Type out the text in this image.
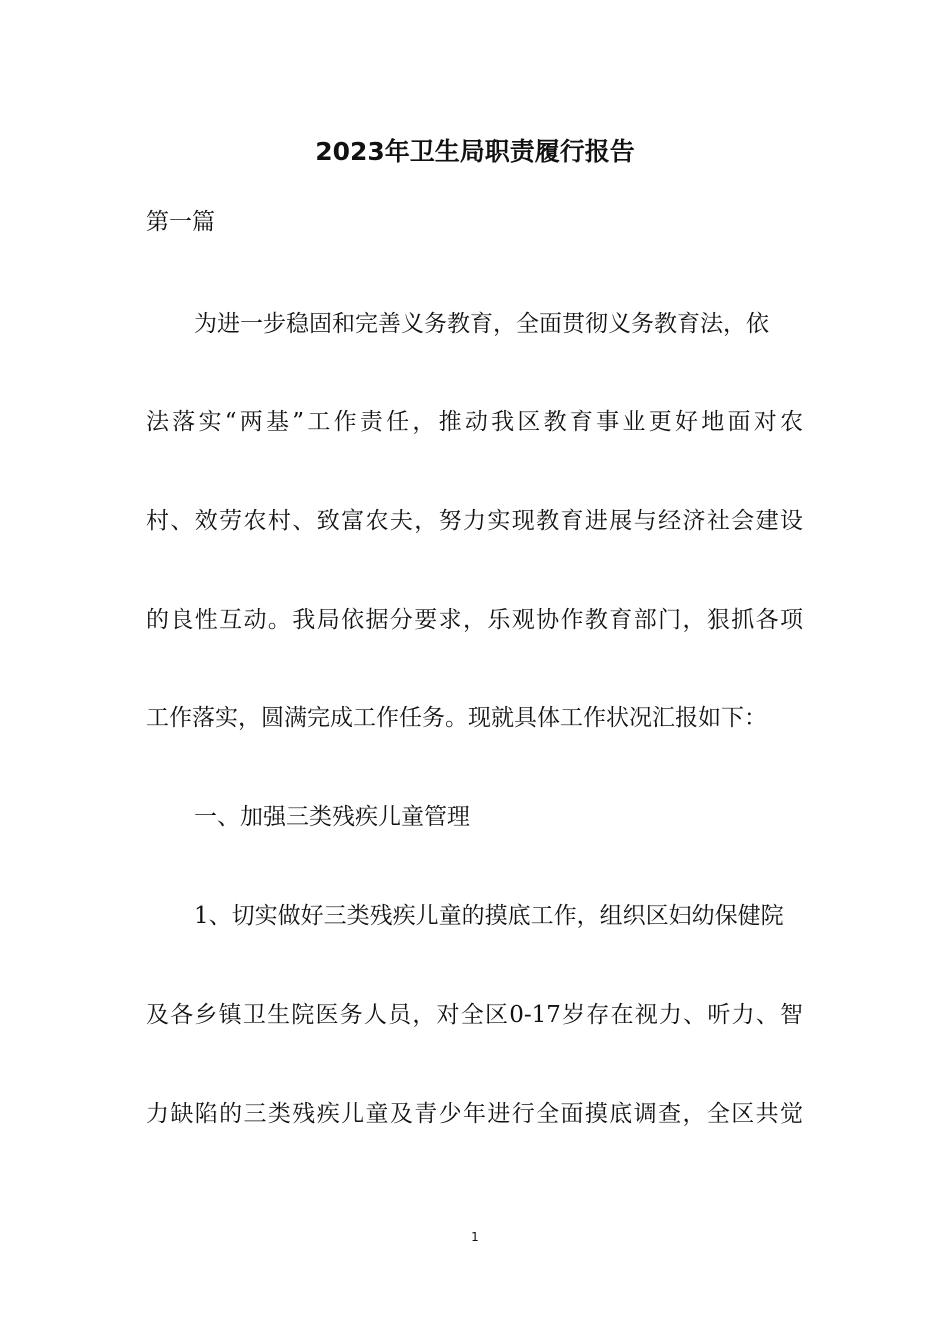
2023年卫生局职责履行报告
第一篇
为进一步稳固和完善义务教育，全面贯彻义务教育法，依
法落实“两基”工作责任，推动我区教育事业更好地面对农
村、效劳农村、致富农夫，努力实现教育进展与经济社会建设
的良性互动。我局依据分要求，乐观协作教育部门，狠抓各项
工作落实，圆满完成工作任务。现就具体工作状况汇报如下：
一、加强三类残疾儿童管理
1、切实做好三类残疾儿童的摸底工作，组织区妇幼保健院
及各乡镇卫生院医务人员，对全区0-17岁存在视力、听力、智
力缺陷的三类残疾儿童及青少年进行全面摸底调查，全区共觉
1
